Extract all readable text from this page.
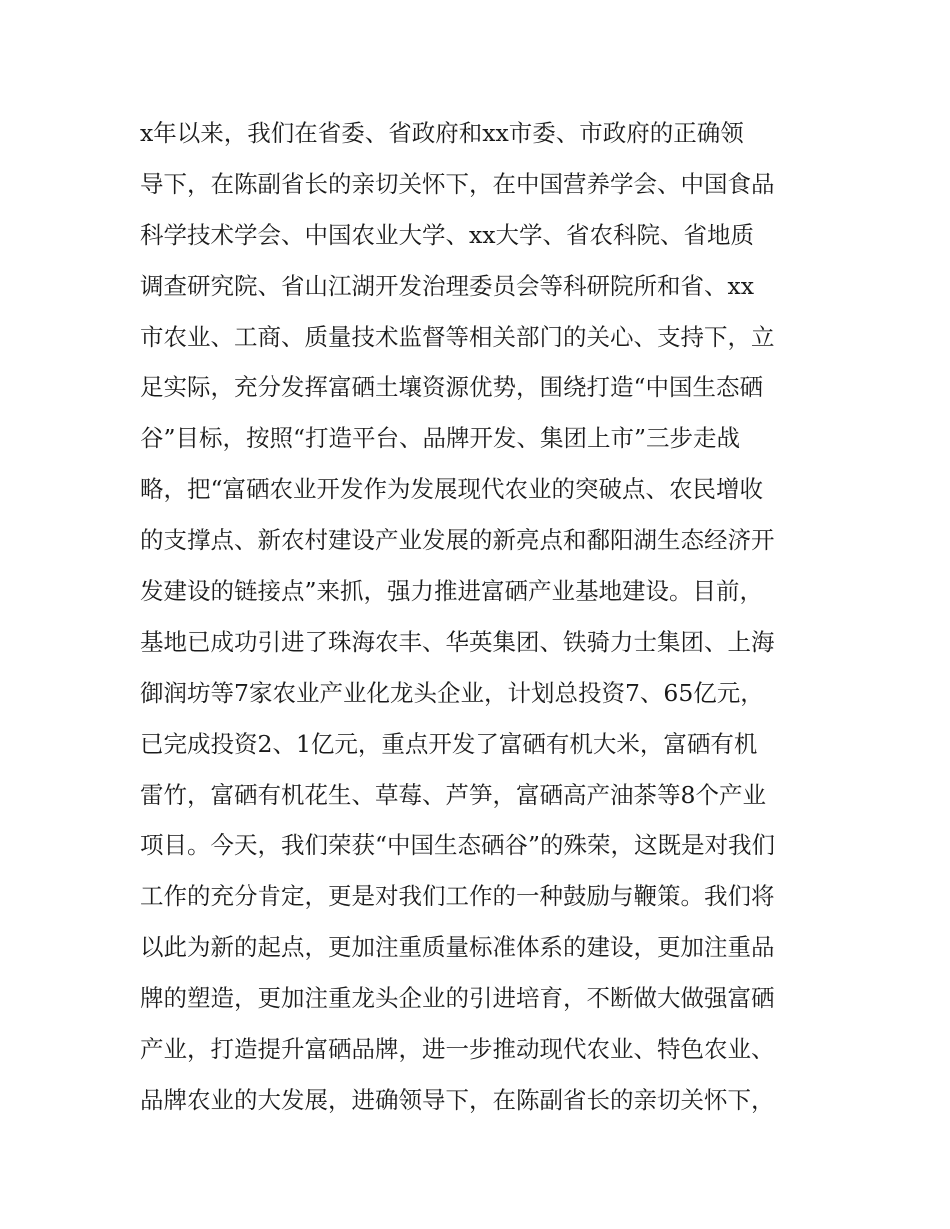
x年以来，我们在省委、省政府和xx市委、市政府的正确领
导下，在陈副省长的亲切关怀下，在中国营养学会、中国食品
科学技术学会、中国农业大学、xx大学、省农科院、省地质
调查研究院、省山江湖开发治理委员会等科研院所和省、xx
市农业、工商、质量技术监督等相关部门的关心、支持下，立
足实际，充分发挥富硒土壤资源优势，围绕打造“中国生态硒
谷”目标，按照“打造平台、品牌开发、集团上市”三步走战
略，把“富硒农业开发作为发展现代农业的突破点、农民增收
的支撑点、新农村建设产业发展的新亮点和鄱阳湖生态经济开
发建设的链接点”来抓，强力推进富硒产业基地建设。目前，
基地已成功引进了珠海农丰、华英集团、铁骑力士集团、上海
御润坊等7家农业产业化龙头企业，计划总投资7、65亿元，
已完成投资2、1亿元，重点开发了富硒有机大米，富硒有机
雷竹，富硒有机花生、草莓、芦笋，富硒高产油茶等8个产业
项目。今天，我们荣获“中国生态硒谷”的殊荣，这既是对我们
工作的充分肯定，更是对我们工作的一种鼓励与鞭策。我们将
以此为新的起点，更加注重质量标准体系的建设，更加注重品
牌的塑造，更加注重龙头企业的引进培育，不断做大做强富硒
产业，打造提升富硒品牌，进一步推动现代农业、特色农业、
品牌农业的大发展，进确领导下，在陈副省长的亲切关怀下，
